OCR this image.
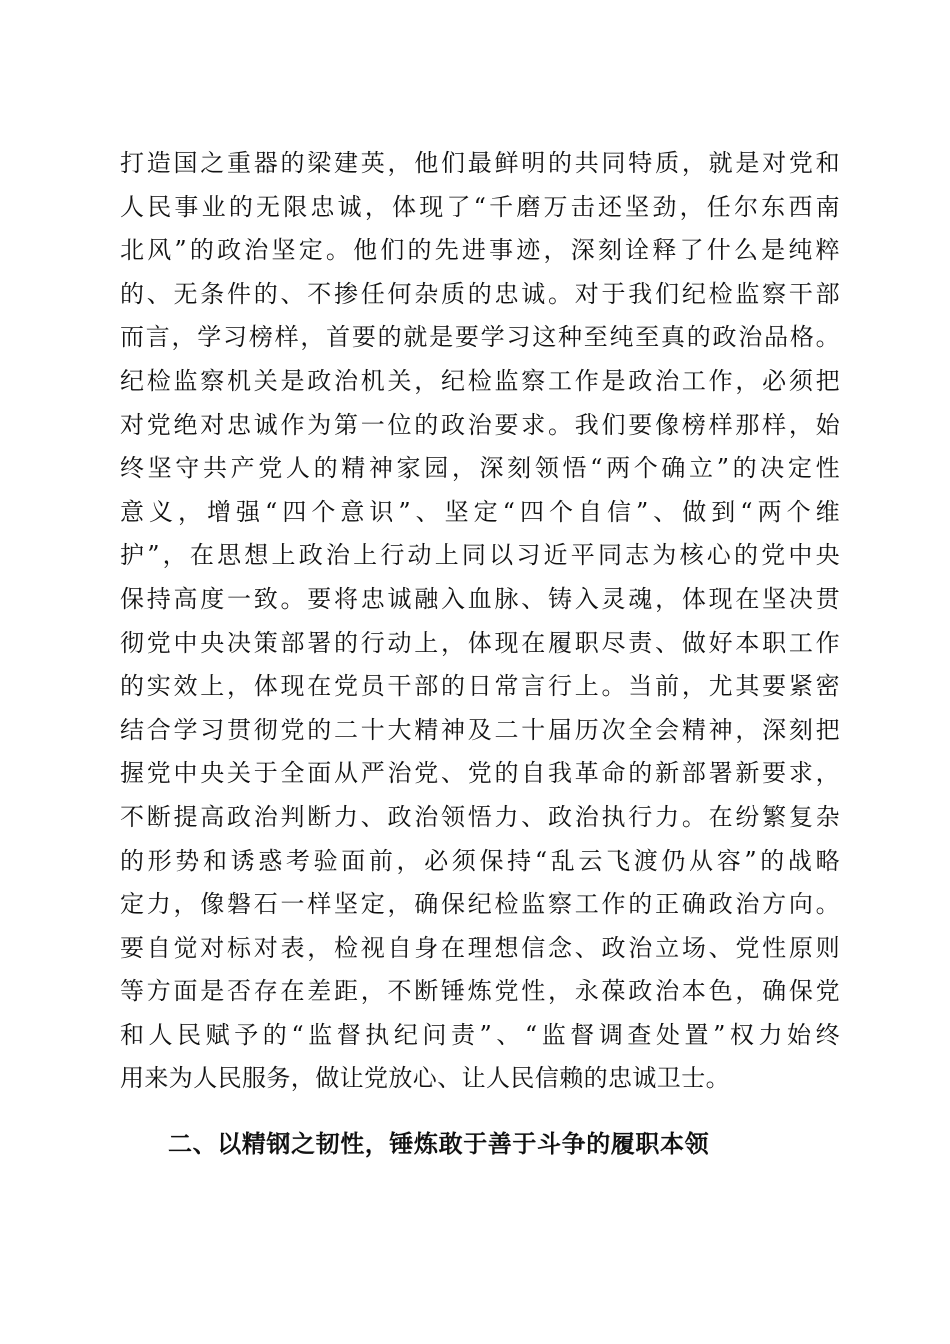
打造国之重器的梁建英，他们最鲜明的共同特质，就是对党和
人民事业的无限忠诚，体现了“千磨万击还坚劲，任尔东西南
北风”的政治坚定。他们的先进事迹，深刻诠释了什么是纯粹
的、无条件的、不掺任何杂质的忠诚。对于我们纪检监察干部
而言，学习榜样，首要的就是要学习这种至纯至真的政治品格。
纪检监察机关是政治机关，纪检监察工作是政治工作，必须把
对党绝对忠诚作为第一位的政治要求。我们要像榜样那样，始
终坚守共产党人的精神家园，深刻领悟“两个确立”的决定性
意义，增强“四个意识”、坚定“四个自信”、做到“两个维
护”，在思想上政治上行动上同以习近平同志为核心的党中央
保持高度一致。要将忠诚融入血脉、铸入灵魂，体现在坚决贯
彻党中央决策部署的行动上，体现在履职尽责、做好本职工作
的实效上，体现在党员干部的日常言行上。当前，尤其要紧密
结合学习贯彻党的二十大精神及二十届历次全会精神，深刻把
握党中央关于全面从严治党、党的自我革命的新部署新要求，
不断提高政治判断力、政治领悟力、政治执行力。在纷繁复杂
的形势和诱惑考验面前，必须保持“乱云飞渡仍从容”的战略
定力，像磐石一样坚定，确保纪检监察工作的正确政治方向。
要自觉对标对表，检视自身在理想信念、政治立场、党性原则
等方面是否存在差距，不断锤炼党性，永葆政治本色，确保党
和人民赋予的“监督执纪问责”、“监督调查处置”权力始终
用来为人民服务，做让党放心、让人民信赖的忠诚卫士。
二、以精钢之韧性，锤炼敢于善于斗争的履职本领
